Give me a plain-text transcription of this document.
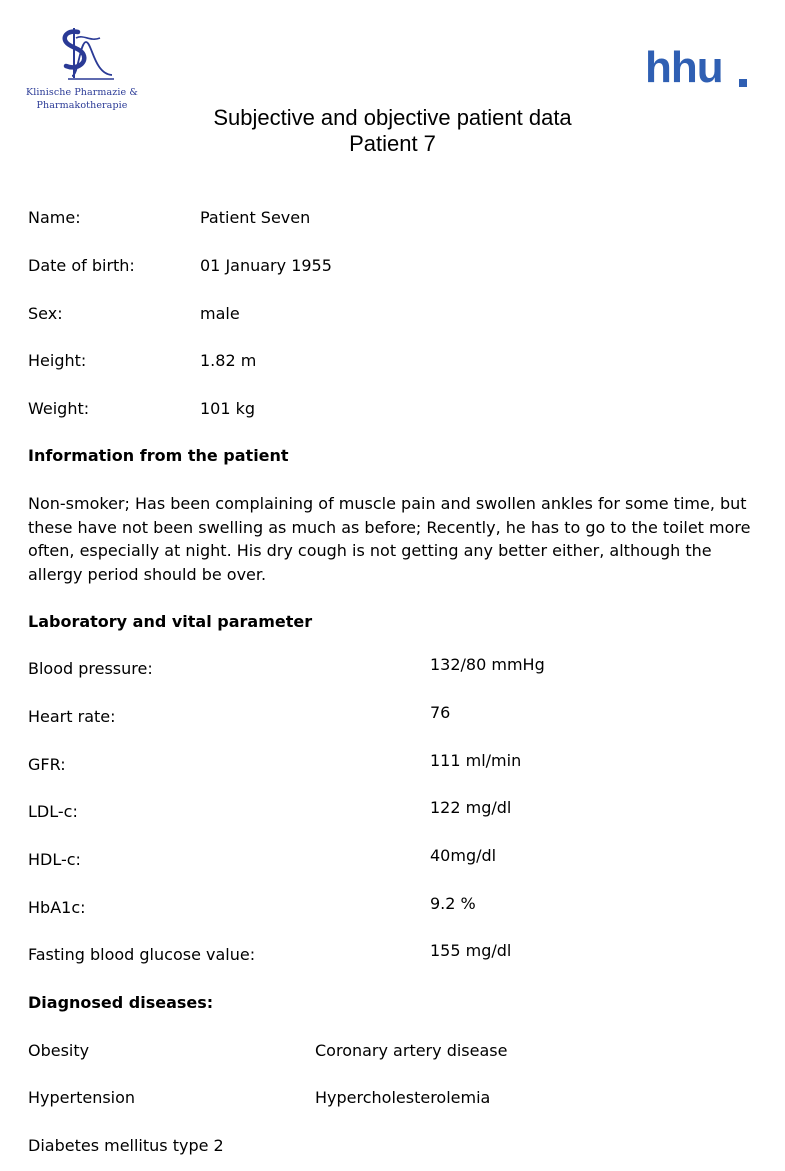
Klinische Pharmazie &
Pharmakotherapie
hhu
Subjective and objective patient data
Patient 7
Name:	Patient Seven
Date of birth:	01 January 1955
Sex:	male
Height:	1.82 m
Weight:	101 kg
Information from the patient
Non-smoker; Has been complaining of muscle pain and swollen ankles for some time, but these have not been swelling as much as before; Recently, he has to go to the toilet more often, especially at night. His dry cough is not getting any better either, although the allergy period should be over.
Laboratory and vital parameter
Blood pressure:	132/80 mmHg
Heart rate:	76
GFR:	111 ml/min
LDL-c:	122 mg/dl
HDL-c:	40mg/dl
HbA1c:	9.2 %
Fasting blood glucose value:	155 mg/dl
Diagnosed diseases:
Obesity	Coronary artery disease
Hypertension	Hypercholesterolemia
Diabetes mellitus type 2
